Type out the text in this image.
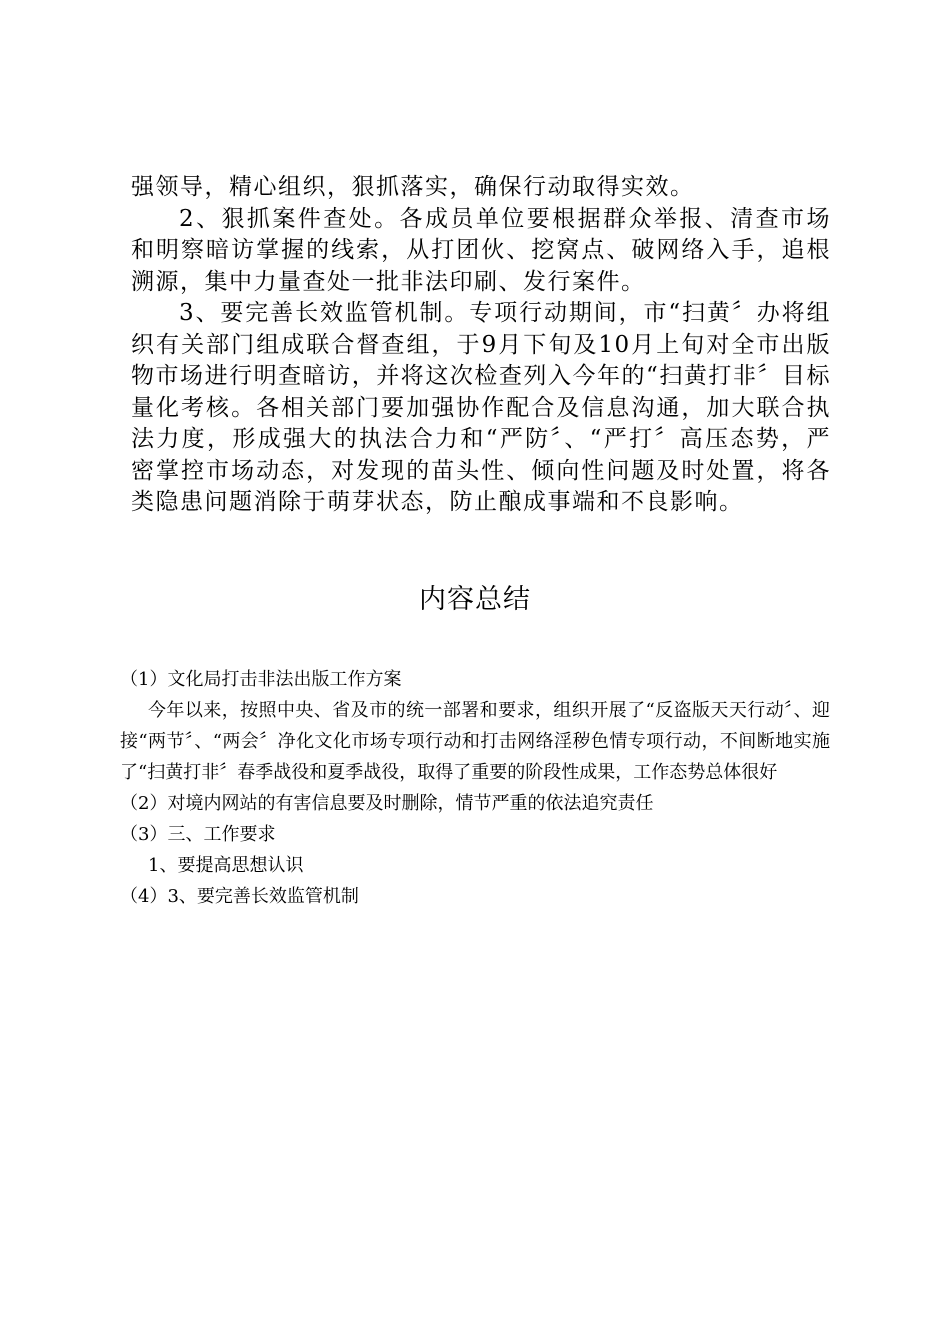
强领导，精心组织，狠抓落实，确保行动取得实效。

2、狠抓案件查处。各成员单位要根据群众举报、清查市场和明察暗访掌握的线索，从打团伙、挖窝点、破网络入手，追根溯源，集中力量查处一批非法印刷、发行案件。

3、要完善长效监管机制。专项行动期间，市“扫黄〞办将组织有关部门组成联合督查组，于9月下旬及10月上旬对全市出版物市场进行明查暗访，并将这次检查列入今年的“扫黄打非〞目标量化考核。各相关部门要加强协作配合及信息沟通，加大联合执法力度，形成强大的执法合力和“严防〞、“严打〞高压态势，严密掌控市场动态，对发现的苗头性、倾向性问题及时处置，将各类隐患问题消除于萌芽状态，防止酿成事端和不良影响。

内容总结

（1）文化局打击非法出版工作方案

今年以来，按照中央、省及市的统一部署和要求，组织开展了“反盗版天天行动〞、迎接“两节〞、“两会〞净化文化市场专项行动和打击网络淫秽色情专项行动，不间断地实施了“扫黄打非〞春季战役和夏季战役，取得了重要的阶段性成果，工作态势总体很好

（2）对境内网站的有害信息要及时删除，情节严重的依法追究责任

（3）三、工作要求

1、要提高思想认识

（4）3、要完善长效监管机制
